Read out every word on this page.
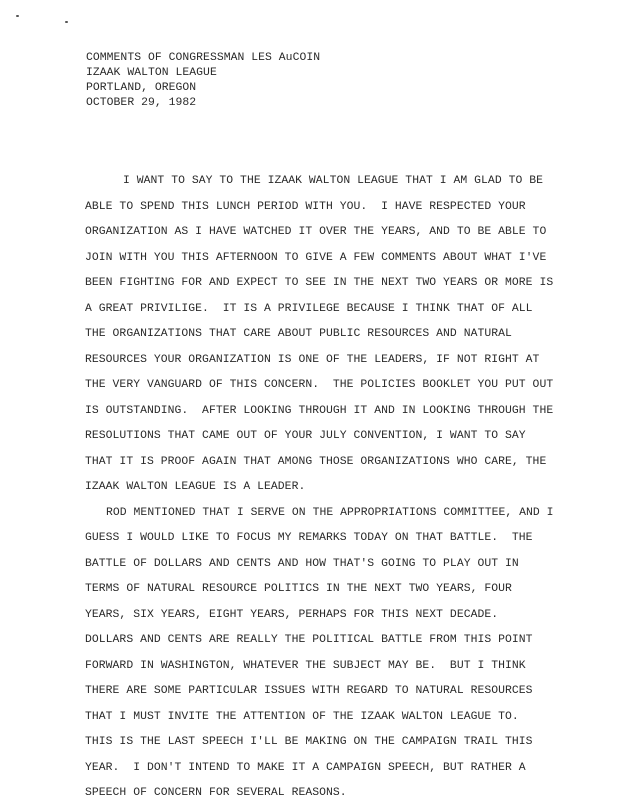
COMMENTS OF CONGRESSMAN LES AuCOIN
IZAAK WALTON LEAGUE
PORTLAND, OREGON
OCTOBER 29, 1982
I WANT TO SAY TO THE IZAAK WALTON LEAGUE THAT I AM GLAD TO BE
ABLE TO SPEND THIS LUNCH PERIOD WITH YOU.  I HAVE RESPECTED YOUR
ORGANIZATION AS I HAVE WATCHED IT OVER THE YEARS, AND TO BE ABLE TO
JOIN WITH YOU THIS AFTERNOON TO GIVE A FEW COMMENTS ABOUT WHAT I'VE
BEEN FIGHTING FOR AND EXPECT TO SEE IN THE NEXT TWO YEARS OR MORE IS
A GREAT PRIVILIGE.  IT IS A PRIVILEGE BECAUSE I THINK THAT OF ALL
THE ORGANIZATIONS THAT CARE ABOUT PUBLIC RESOURCES AND NATURAL
RESOURCES YOUR ORGANIZATION IS ONE OF THE LEADERS, IF NOT RIGHT AT
THE VERY VANGUARD OF THIS CONCERN.  THE POLICIES BOOKLET YOU PUT OUT
IS OUTSTANDING.  AFTER LOOKING THROUGH IT AND IN LOOKING THROUGH THE
RESOLUTIONS THAT CAME OUT OF YOUR JULY CONVENTION, I WANT TO SAY
THAT IT IS PROOF AGAIN THAT AMONG THOSE ORGANIZATIONS WHO CARE, THE
IZAAK WALTON LEAGUE IS A LEADER.
ROD MENTIONED THAT I SERVE ON THE APPROPRIATIONS COMMITTEE, AND I
GUESS I WOULD LIKE TO FOCUS MY REMARKS TODAY ON THAT BATTLE.  THE
BATTLE OF DOLLARS AND CENTS AND HOW THAT'S GOING TO PLAY OUT IN
TERMS OF NATURAL RESOURCE POLITICS IN THE NEXT TWO YEARS, FOUR
YEARS, SIX YEARS, EIGHT YEARS, PERHAPS FOR THIS NEXT DECADE.
DOLLARS AND CENTS ARE REALLY THE POLITICAL BATTLE FROM THIS POINT
FORWARD IN WASHINGTON, WHATEVER THE SUBJECT MAY BE.  BUT I THINK
THERE ARE SOME PARTICULAR ISSUES WITH REGARD TO NATURAL RESOURCES
THAT I MUST INVITE THE ATTENTION OF THE IZAAK WALTON LEAGUE TO.
THIS IS THE LAST SPEECH I'LL BE MAKING ON THE CAMPAIGN TRAIL THIS
YEAR.  I DON'T INTEND TO MAKE IT A CAMPAIGN SPEECH, BUT RATHER A
SPEECH OF CONCERN FOR SEVERAL REASONS.
